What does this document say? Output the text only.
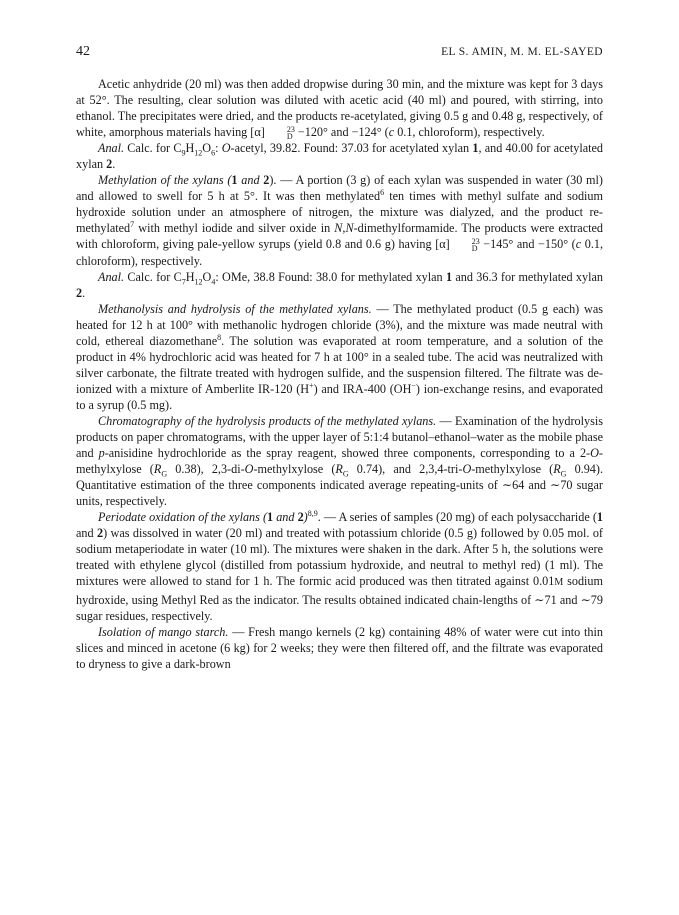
42	EL S. AMIN, M. M. EL-SAYED

Acetic anhydride (20 ml) was then added dropwise during 30 min, and the mixture was kept for 3 days at 52°. The resulting, clear solution was diluted with acetic acid (40 ml) and poured, with stirring, into ethanol. The precipitates were dried, and the products re-acetylated, giving 0.5 g and 0.48 g, respectively, of white, amorphous materials having [α]	23
D −120° and −124° (c 0.1, chloroform), respectively.

Anal. Calc. for $C_9H_{12}O_6$: O-acetyl, 39.82. Found: 37.03 for acetylated xylan 1, and 40.00 for acetylated xylan 2.

Methylation of the xylans (1 and 2). — A portion (3 g) of each xylan was suspended in water (30 ml) and allowed to swell for 5 h at 5°. It was then methylated$^6$ ten times with methyl sulfate and sodium hydroxide solution under an atmosphere of nitrogen, the mixture was dialyzed, and the product re-methylated$^7$ with methyl iodide and silver oxide in N,N-dimethylformamide. The products were extracted with chloroform, giving pale-yellow syrups (yield 0.8 and 0.6 g) having [α]	23
D −145° and −150° (c 0.1, chloroform), respectively.

Anal. Calc. for $C_7H_{12}O_4$: OMe, 38.8 Found: 38.0 for methylated xylan 1 and 36.3 for methylated xylan 2.

Methanolysis and hydrolysis of the methylated xylans. — The methylated product (0.5 g each) was heated for 12 h at 100° with methanolic hydrogen chloride (3%), and the mixture was made neutral with cold, ethereal diazomethane$^8$. The solution was evaporated at room temperature, and a solution of the product in 4% hydrochloric acid was heated for 7 h at 100° in a sealed tube. The acid was neutralized with silver carbonate, the filtrate treated with hydrogen sulfide, and the suspension filtered. The filtrate was de-ionized with a mixture of Amberlite IR-120 (H+) and IRA-400 (OH−) ion-exchange resins, and evaporated to a syrup (0.5 mg).

Chromatography of the hydrolysis products of the methylated xylans. — Examination of the hydrolysis products on paper chromatograms, with the upper layer of 5:1:4 butanol–ethanol–water as the mobile phase and p-anisidine hydrochloride as the spray reagent, showed three components, corresponding to a 2-O-methylxylose ($R_G$ 0.38), 2,3-di-O-methylxylose ($R_G$ 0.74), and 2,3,4-tri-O-methylxylose ($R_G$ 0.94). Quantitative estimation of the three components indicated average repeating-units of ∼64 and ∼70 sugar units, respectively.

Periodate oxidation of the xylans (1 and 2)$^{8,9}$. — A series of samples (20 mg) of each polysaccharide (1 and 2) was dissolved in water (20 ml) and treated with potassium chloride (0.5 g) followed by 0.05 mol. of sodium metaperiodate in water (10 ml). The mixtures were shaken in the dark. After 5 h, the solutions were treated with ethylene glycol (distilled from potassium hydroxide, and neutral to methyl red) (1 ml). The mixtures were allowed to stand for 1 h. The formic acid produced was then titrated against 0.01M sodium hydroxide, using Methyl Red as the indicator. The results obtained indicated chain-lengths of ∼71 and ∼79 sugar residues, respectively.

Isolation of mango starch. — Fresh mango kernels (2 kg) containing 48% of water were cut into thin slices and minced in acetone (6 kg) for 2 weeks; they were then filtered off, and the filtrate was evaporated to dryness to give a dark-brown
